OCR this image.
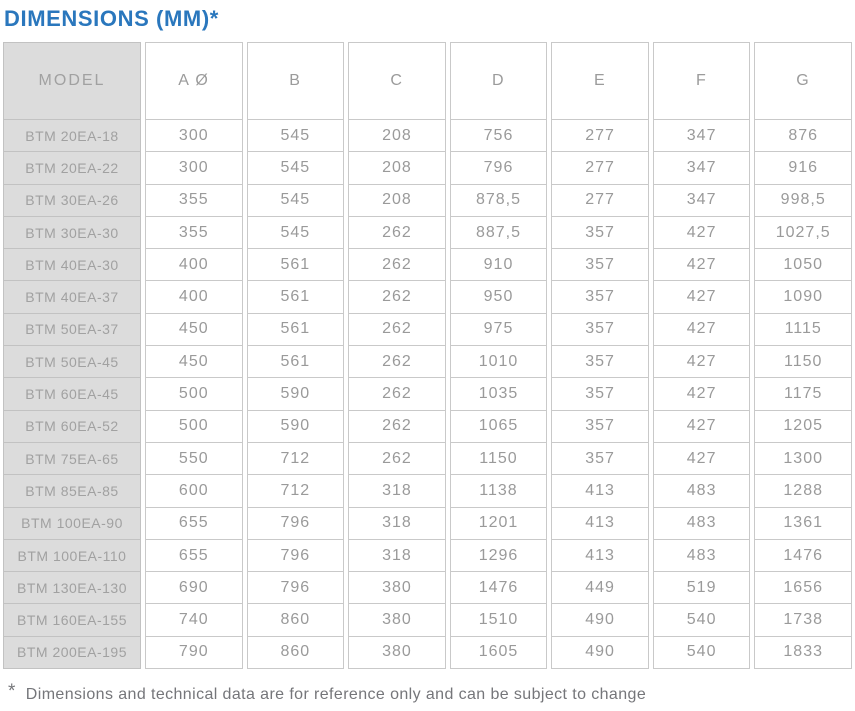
DIMENSIONS (MM)*
MODEL
BTM 20EA-18
BTM 20EA-22
BTM 30EA-26
BTM 30EA-30
BTM 40EA-30
BTM 40EA-37
BTM 50EA-37
BTM 50EA-45
BTM 60EA-45
BTM 60EA-52
BTM 75EA-65
BTM 85EA-85
BTM 100EA-90
BTM 100EA-110
BTM 130EA-130
BTM 160EA-155
BTM 200EA-195
A Ø
300
300
355
355
400
400
450
450
500
500
550
600
655
655
690
740
790
B
545
545
545
545
561
561
561
561
590
590
712
712
796
796
796
860
860
C
208
208
208
262
262
262
262
262
262
262
262
318
318
318
380
380
380
D
756
796
878,5
887,5
910
950
975
1010
1035
1065
1150
1138
1201
1296
1476
1510
1605
E
277
277
277
357
357
357
357
357
357
357
357
413
413
413
449
490
490
F
347
347
347
427
427
427
427
427
427
427
427
483
483
483
519
540
540
G
876
916
998,5
1027,5
1050
1090
1115
1150
1175
1205
1300
1288
1361
1476
1656
1738
1833
* Dimensions and technical data are for reference only and can be subject to change
